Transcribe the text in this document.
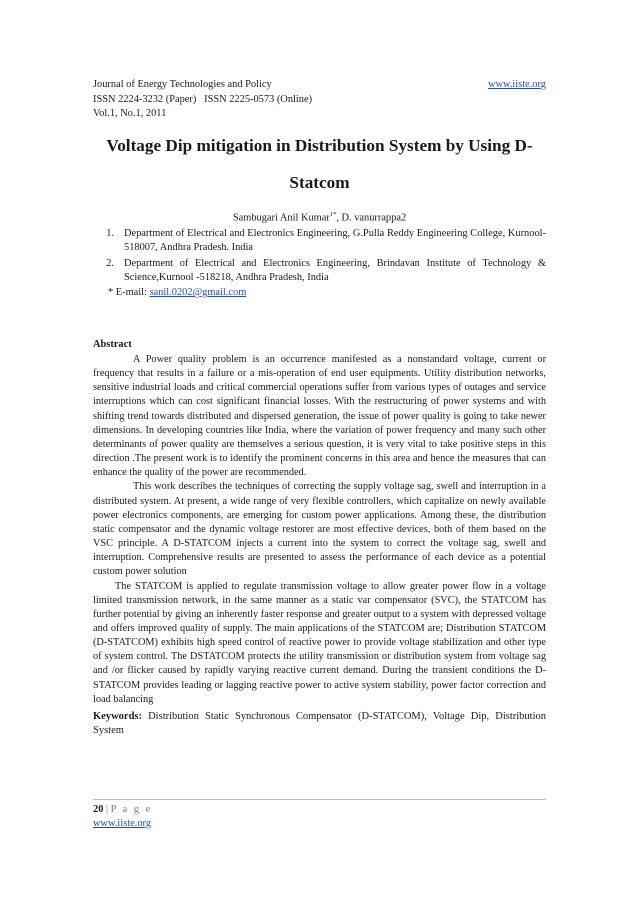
Journal of Energy Technologies and Policy	www.iiste.org
ISSN 2224-3232 (Paper)   ISSN 2225-0573 (Online)
Vol.1, No.1, 2011
Voltage Dip mitigation in Distribution System by Using D-
Statcom
Sambugari Anil Kumar$^{1*}$, D. vanurrappa2
1. Department of Electrical and Electronics Engineering, G.Pulla Reddy Engineering College, Kurnool-518007, Andhra Pradesh. India
2. Department of Electrical and Electronics Engineering, Brindavan Institute of Technology & Science,Kurnool -518218, Andhra Pradesh, India
* E-mail: sanil.0202@gmail.com
Abstract

A Power quality problem is an occurrence manifested as a nonstandard voltage, current or frequency that results in a failure or a mis-operation of end user equipments. Utility distribution networks, sensitive industrial loads and critical commercial operations suffer from various types of outages and service interruptions which can cost significant financial losses. With the restructuring of power systems and with shifting trend towards distributed and dispersed generation, the issue of power quality is going to take newer dimensions. In developing countries like India, where the variation of power frequency and many such other determinants of power quality are themselves a serious question, it is very vital to take positive steps in this direction .The present work is to identify the prominent concerns in this area and hence the measures that can enhance the quality of the power are recommended.

This work describes the techniques of correcting the supply voltage sag, swell and interruption in a distributed system. At present, a wide range of very flexible controllers, which capitalize on newly available power electronics components, are emerging for custom power applications. Among these, the distribution static compensator and the dynamic voltage restorer are most effective devices, both of them based on the VSC principle. A D-STATCOM injects a current into the system to correct the voltage sag, swell and interruption. Comprehensive results are presented to assess the performance of each device as a potential custom power solution

The STATCOM is applied to regulate transmission voltage to allow greater power flow in a voltage limited transmission network, in the same manner as a static var compensator (SVC), the STATCOM has further potential by giving an inherently faster response and greater output to a system with depressed voltage and offers improved quality of supply. The main applications of the STATCOM are; Distribution STATCOM (D-STATCOM) exhibits high speed control of reactive power to provide voltage stabilization and other type of system control. The DSTATCOM protects the utility transmission or distribution system from voltage sag and /or flicker caused by rapidly varying reactive current demand. During the transient conditions the D-STATCOM provides leading or lagging reactive power to active system stability, power factor correction and load balancing

Keywords: Distribution Static Synchronous Compensator (D-STATCOM), Voltage Dip, Distribution System

20 | P a g e
www.iiste.org
